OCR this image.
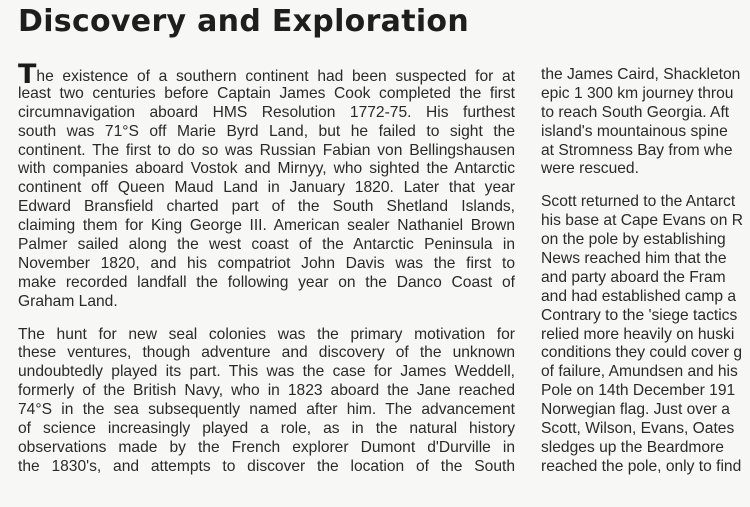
Discovery and Exploration

The existence of a southern continent had been suspected for at
least two centuries before Captain James Cook completed the first
circumnavigation aboard HMS Resolution 1772-75. His furthest
south was 71°S off Marie Byrd Land, but he failed to sight the
continent. The first to do so was Russian Fabian von Bellingshausen
with companies aboard Vostok and Mirnyy, who sighted the Antarctic
continent off Queen Maud Land in January 1820. Later that year
Edward Bransfield charted part of the South Shetland Islands,
claiming them for King George III. American sealer Nathaniel Brown
Palmer sailed along the west coast of the Antarctic Peninsula in
November 1820, and his compatriot John Davis was the first to
make recorded landfall the following year on the Danco Coast of
Graham Land.

The hunt for new seal colonies was the primary motivation for
these ventures, though adventure and discovery of the unknown
undoubtedly played its part. This was the case for James Weddell,
formerly of the British Navy, who in 1823 aboard the Jane reached
74°S in the sea subsequently named after him. The advancement
of science increasingly played a role, as in the natural history
observations made by the French explorer Dumont d'Durville in
the 1830's, and attempts to discover the location of the South

the James Caird, Shackleton
epic 1 300 km journey throu
to reach South Georgia. Aft
island's mountainous spine
at Stromness Bay from whe
were rescued.

Scott returned to the Antarct
his base at Cape Evans on R
on the pole by establishing
News reached him that the
and party aboard the Fram
and had established camp a
Contrary to the 'siege tactics
relied more heavily on huski
conditions they could cover g
of failure, Amundsen and his
Pole on 14th December 191
Norwegian flag. Just over a
Scott, Wilson, Evans, Oates
sledges up the Beardmore
reached the pole, only to find
